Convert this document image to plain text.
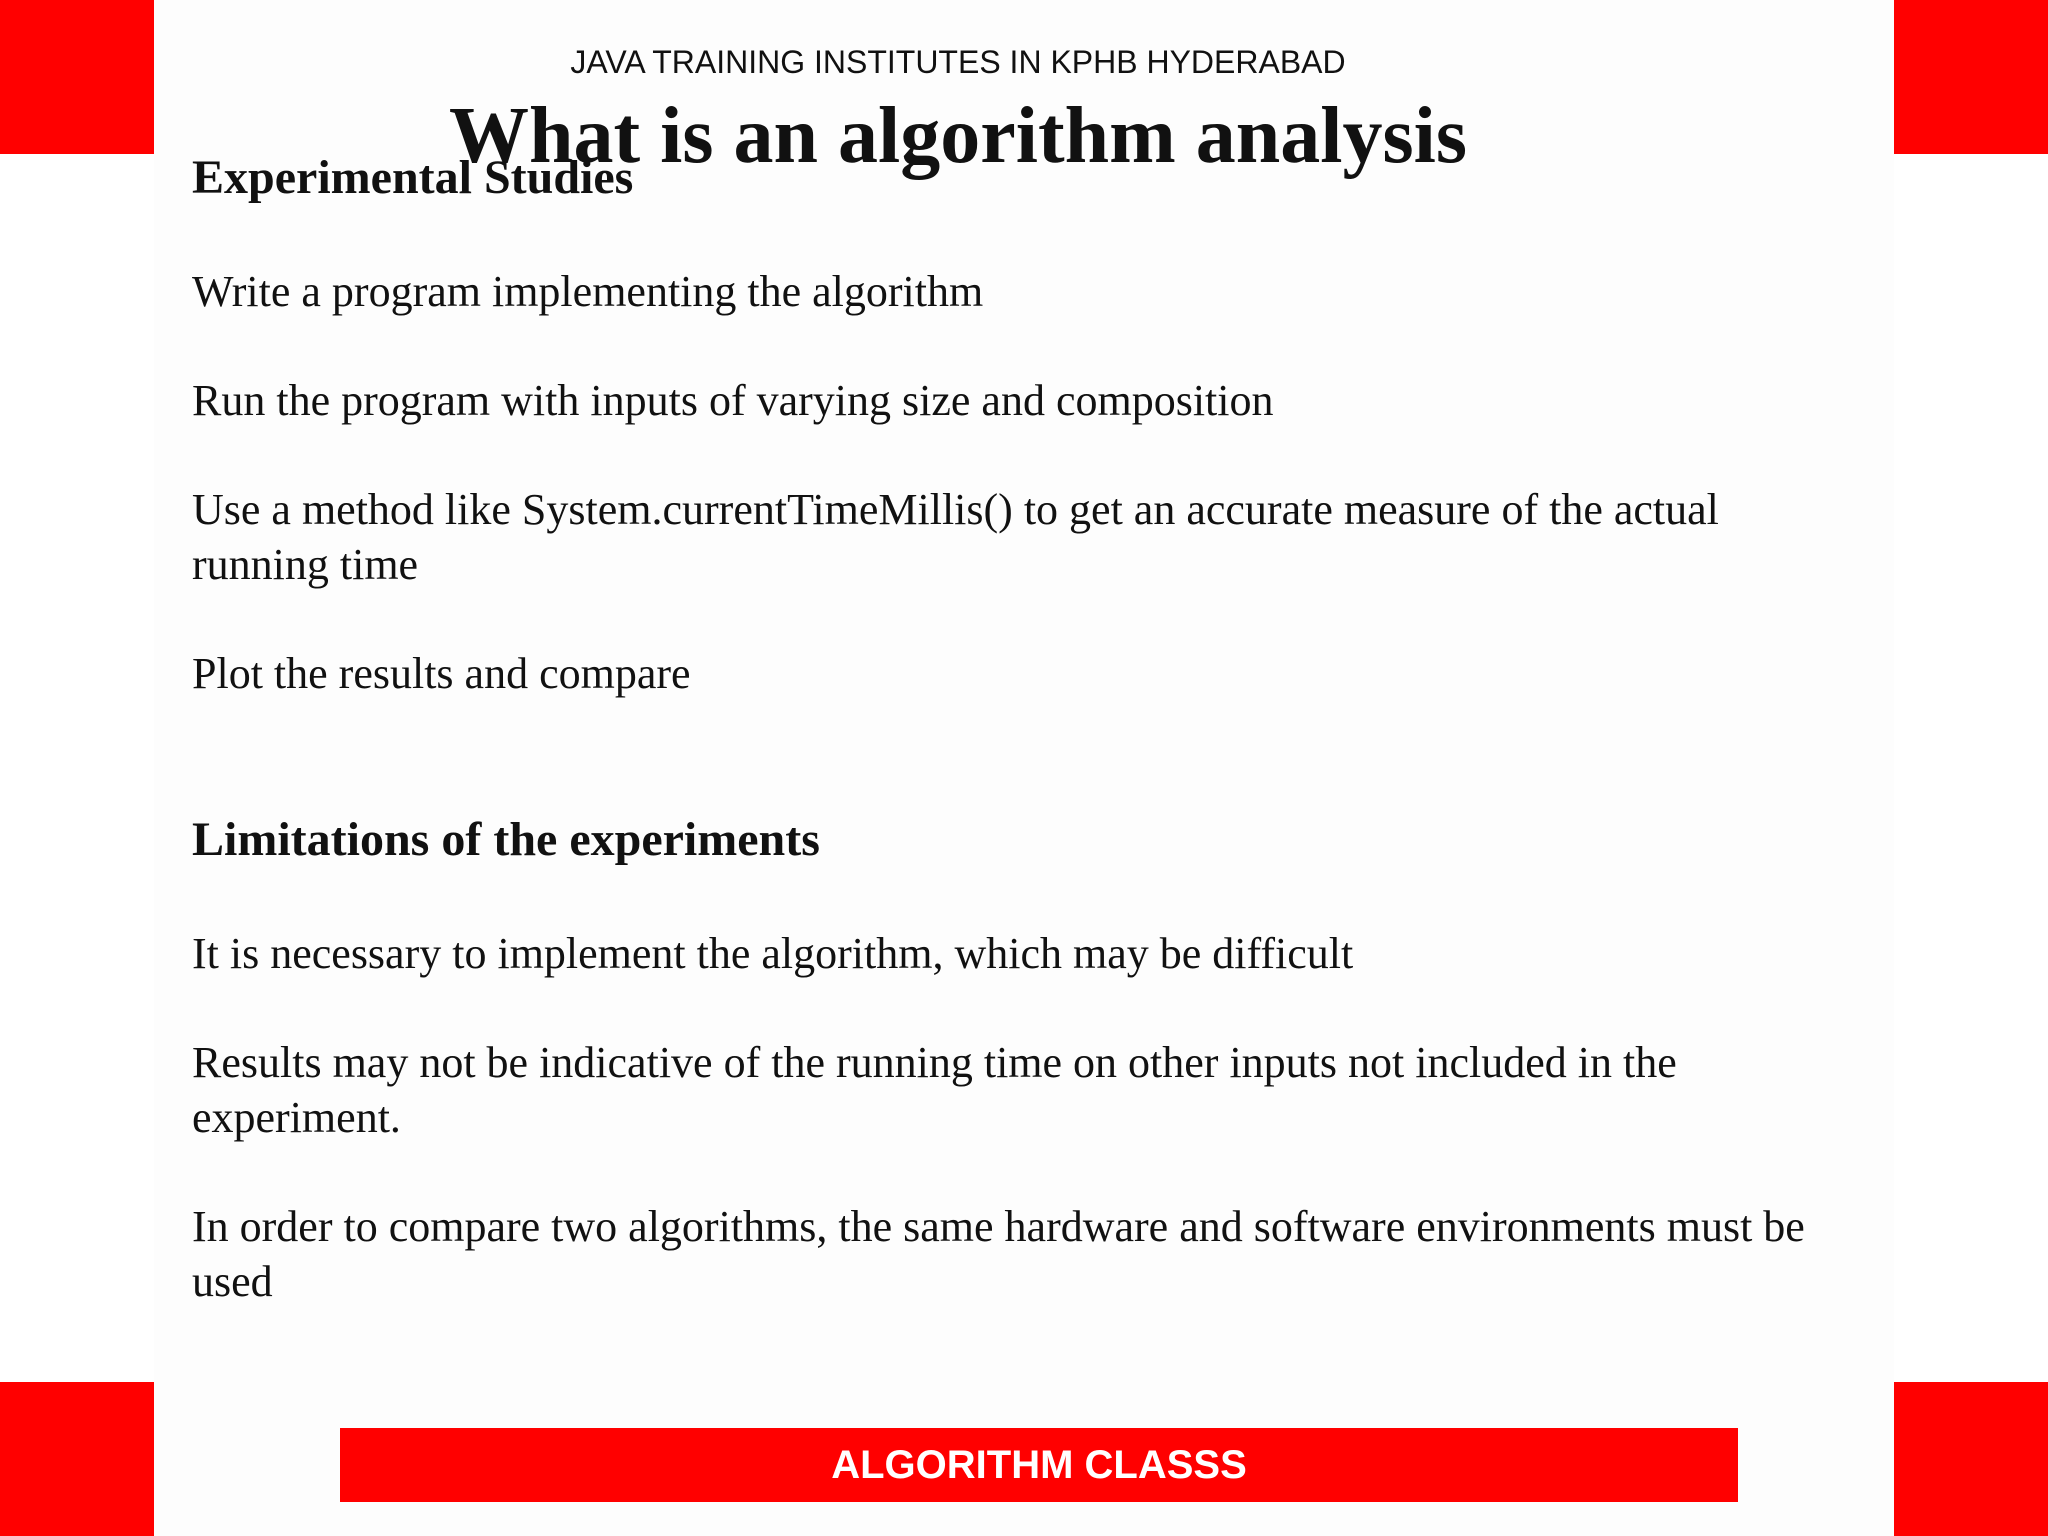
JAVA TRAINING INSTITUTES IN KPHB HYDERABAD
What is an algorithm analysis
Experimental Studies
Write a program implementing the algorithm
Run the program with inputs of varying size and composition
Use a method like System.currentTimeMillis() to get an accurate measure of the actual running time
Plot the results and compare
Limitations of the experiments
It is necessary to implement the algorithm, which may be difficult
Results may not be indicative of the running time on other inputs not included in the experiment.
In order to compare two algorithms, the same hardware and software environments must be used
ALGORITHM CLASSS
